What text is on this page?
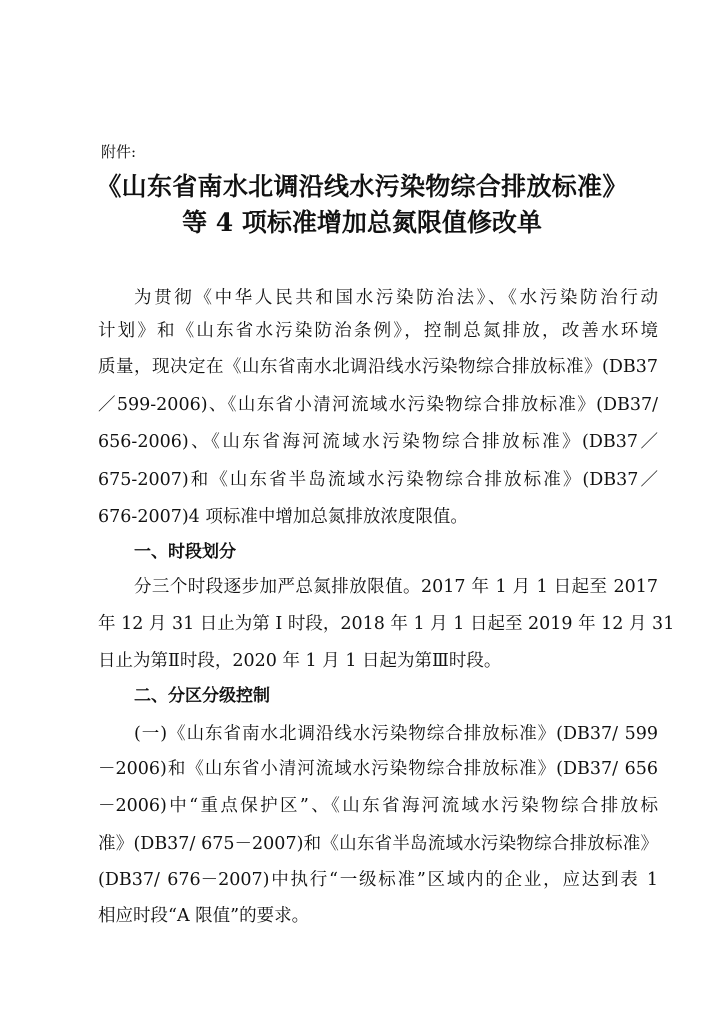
附件:
《山东省南水北调沿线水污染物综合排放标准》
等 4 项标准增加总氮限值修改单
为贯彻《中华人民共和国水污染防治法》、《水污染防治行动
计划》和《山东省水污染防治条例》，控制总氮排放，改善水环境
质量，现决定在《山东省南水北调沿线水污染物综合排放标准》(DB37
／599-2006)、《山东省小清河流域水污染物综合排放标准》(DB37/
656-2006)、《山东省海河流域水污染物综合排放标准》(DB37／
675-2007)和《山东省半岛流域水污染物综合排放标准》(DB37／
676-2007)4 项标准中增加总氮排放浓度限值。
一、时段划分
分三个时段逐步加严总氮排放限值。2017 年 1 月 1 日起至 2017
年 12 月 31 日止为第 I 时段，2018 年 1 月 1 日起至 2019 年 12 月 31
日止为第Ⅱ时段，2020 年 1 月 1 日起为第Ⅲ时段。
二、分区分级控制
(一)《山东省南水北调沿线水污染物综合排放标准》(DB37/ 599
－2006)和《山东省小清河流域水污染物综合排放标准》(DB37/ 656
－2006)中“重点保护区”、《山东省海河流域水污染物综合排放标
准》(DB37/ 675－2007)和《山东省半岛流域水污染物综合排放标准》
(DB37/ 676－2007)中执行“一级标准”区域内的企业，应达到表 1
相应时段“A 限值”的要求。
